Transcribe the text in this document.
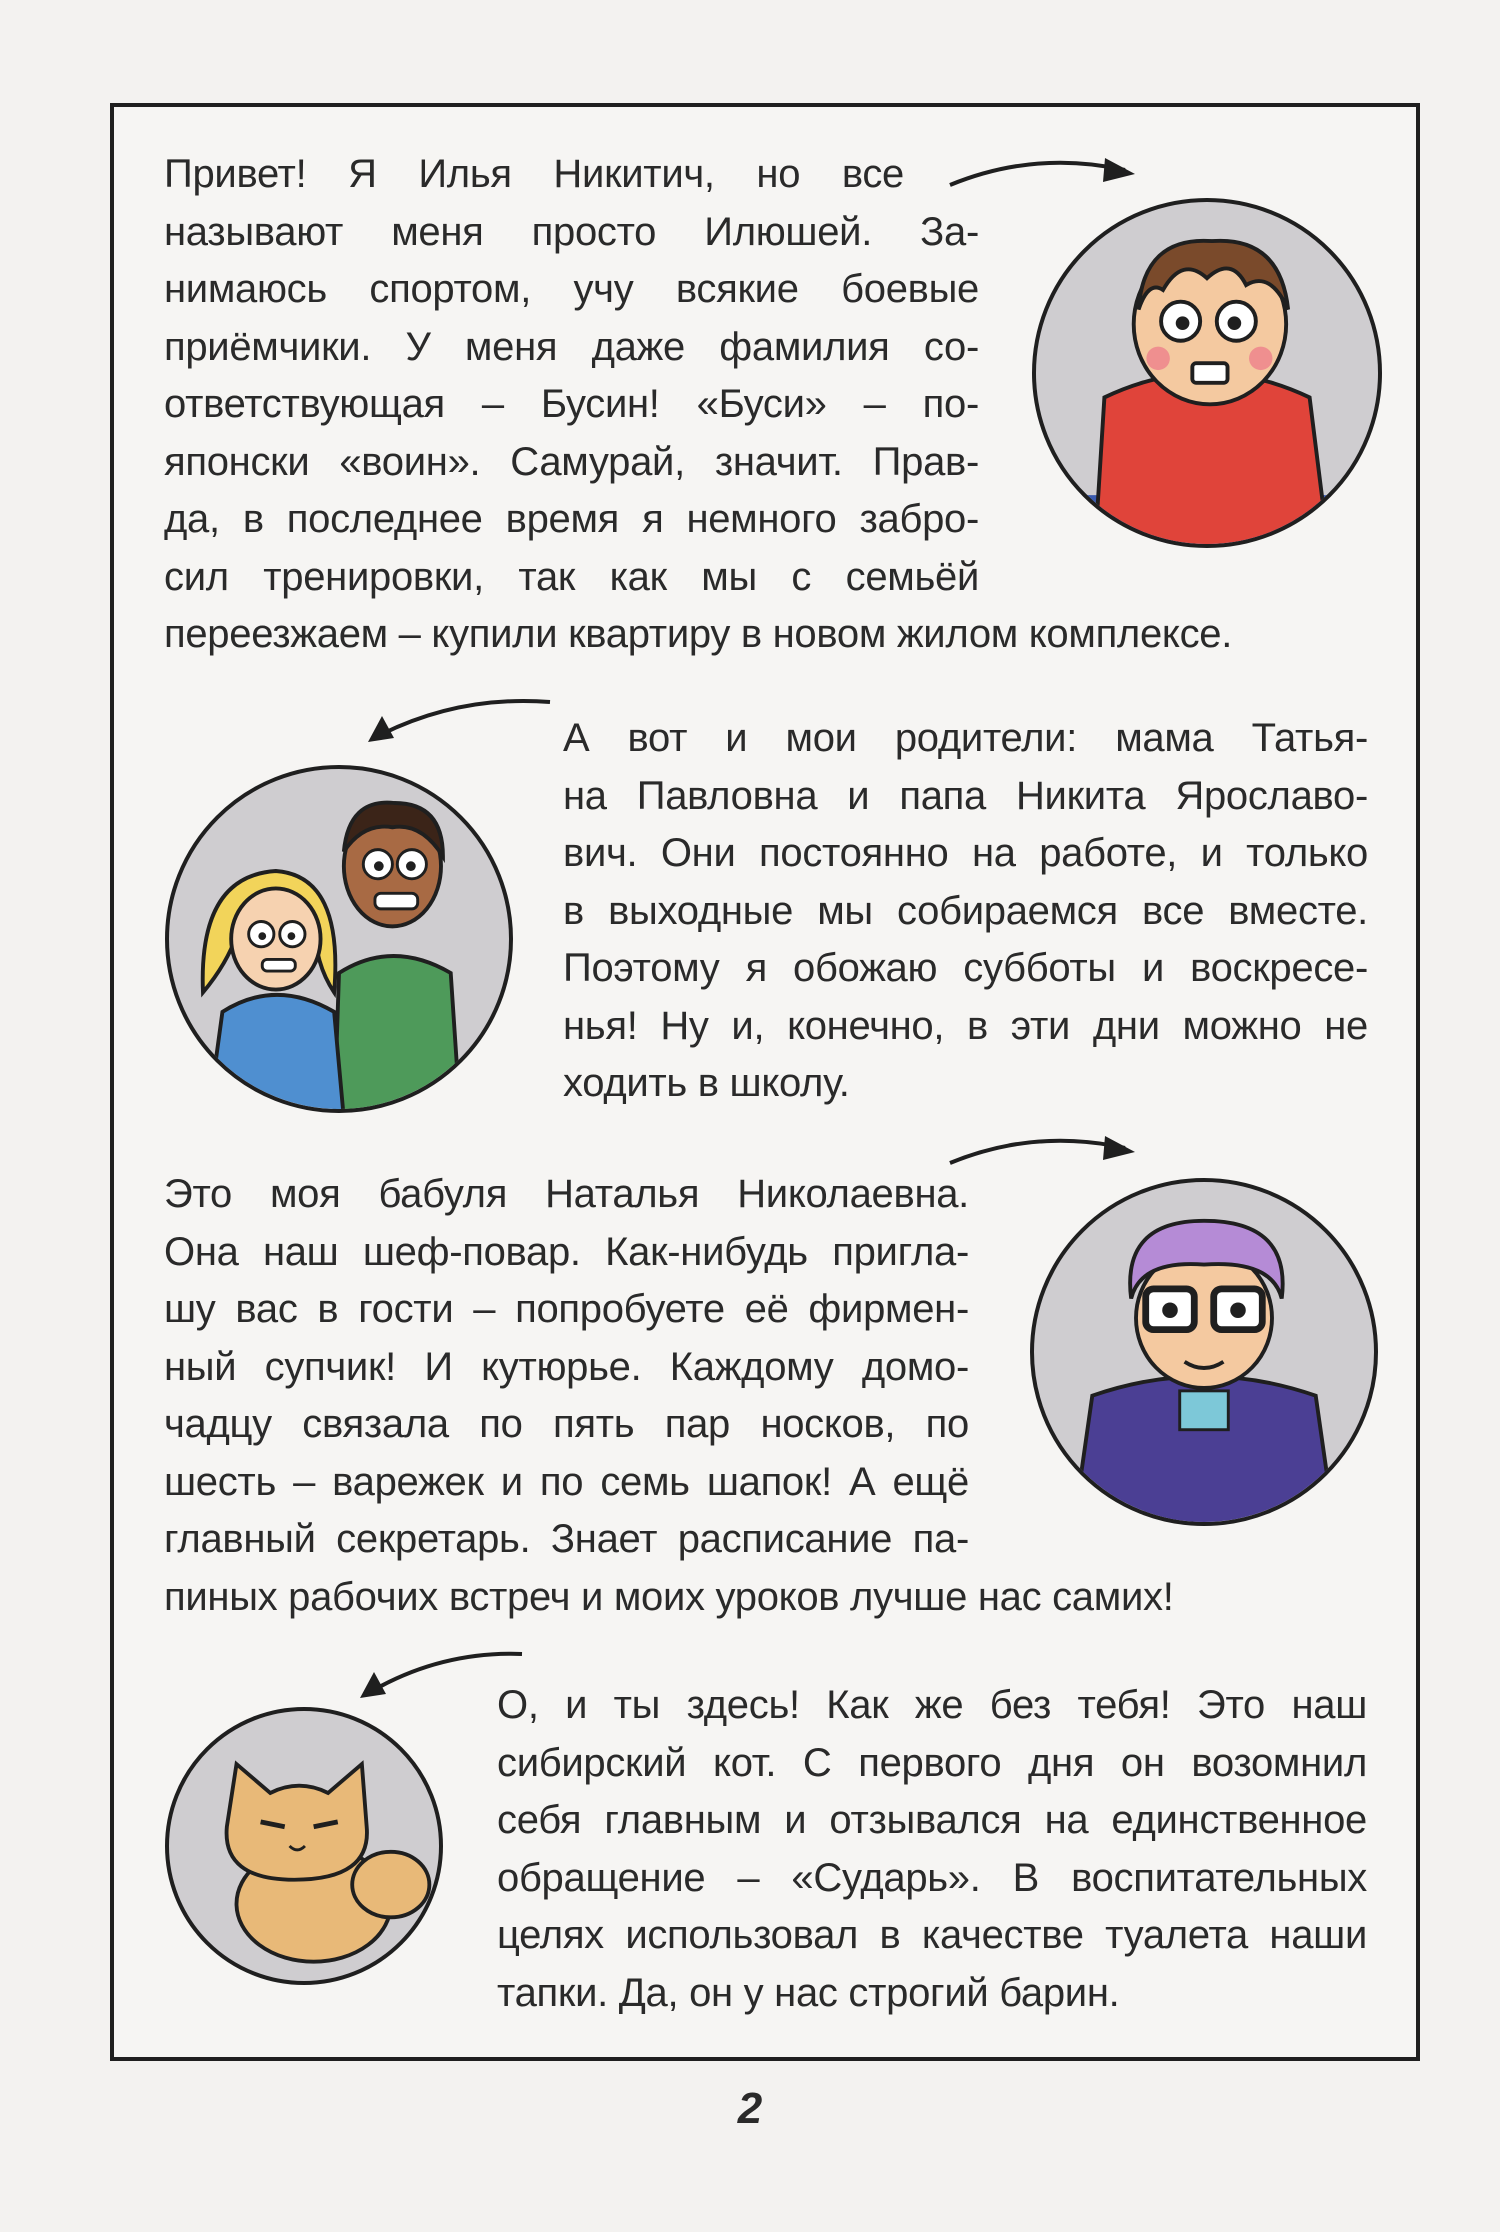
Привет! Я Илья Никитич, но все
называют меня просто Илюшей. За-
нимаюсь спортом, учу всякие боевые
приёмчики. У меня даже фамилия со-
ответствующая – Бусин! «Буси» – по-
японски «воин». Самурай, значит. Прав-
да, в последнее время я немного забро-
сил тренировки, так как мы с семьёй
переезжаем – купили квартиру в новом жилом комплексе.
А вот и мои родители: мама Татья-
на Павловна и папа Никита Ярославо-
вич. Они постоянно на работе, и только
в выходные мы собираемся все вместе.
Поэтому я обожаю субботы и воскресе-
нья! Ну и, конечно, в эти дни можно не
ходить в школу.
Это моя бабуля Наталья Николаевна.
Она наш шеф-повар. Как-нибудь пригла-
шу вас в гости – попробуете её фирмен-
ный супчик! И кутюрье. Каждому домо-
чадцу связала по пять пар носков, по
шесть – варежек и по семь шапок! А ещё
главный секретарь. Знает расписание па-
пиных рабочих встреч и моих уроков лучше нас самих!
О, и ты здесь! Как же без тебя! Это наш
сибирский кот. С первого дня он возомнил
себя главным и отзывался на единственное
обращение – «Сударь». В воспитательных
целях использовал в качестве туалета наши
тапки. Да, он у нас строгий барин.
2
